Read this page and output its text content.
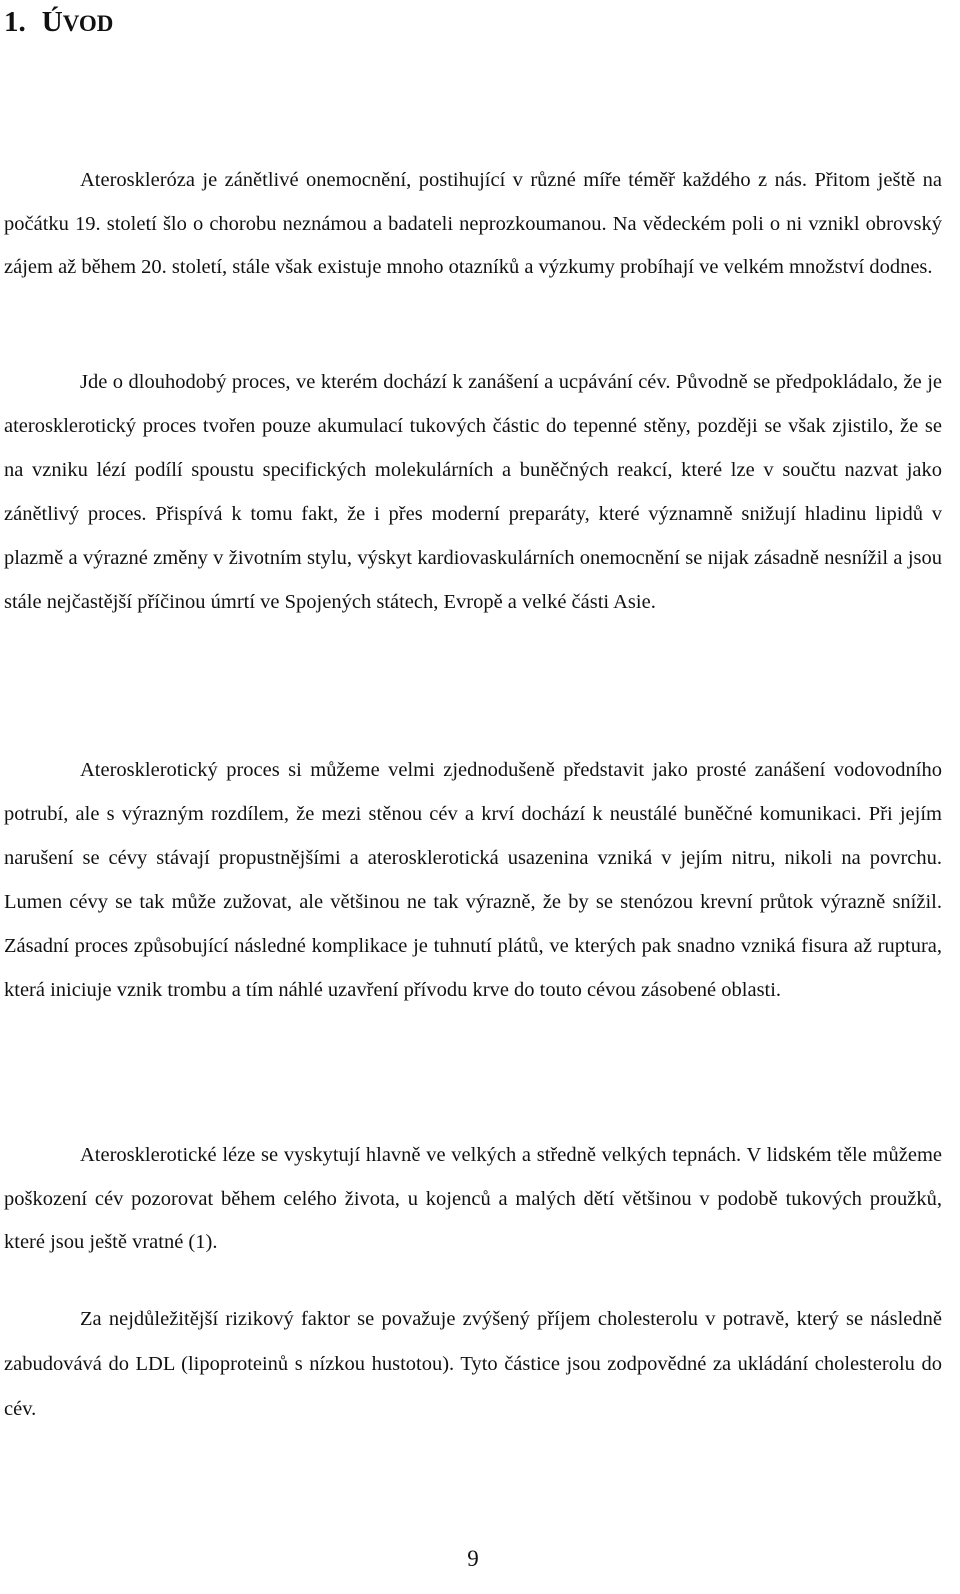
1. ÚVOD

Ateroskleróza je zánětlivé onemocnění, postihující v různé míře téměř každého z nás. Přitom ještě na počátku 19. století šlo o chorobu neznámou a badateli neprozkoumanou. Na vědeckém poli o ni vznikl obrovský zájem až během 20. století, stále však existuje mnoho otazníků a výzkumy probíhají ve velkém množství dodnes.

Jde o dlouhodobý proces, ve kterém dochází k zanášení a ucpávání cév. Původně se předpokládalo, že je aterosklerotický proces tvořen pouze akumulací tukových částic do tepenné stěny, později se však zjistilo, že se na vzniku lézí podílí spoustu specifických molekulárních a buněčných reakcí, které lze v součtu nazvat jako zánětlivý proces. Přispívá k tomu fakt, že i přes moderní preparáty, které významně snižují hladinu lipidů v plazmě a výrazné změny v životním stylu, výskyt kardiovaskulárních onemocnění se nijak zásadně nesnížil a jsou stále nejčastější příčinou úmrtí ve Spojených státech, Evropě a velké části Asie.

Aterosklerotický proces si můžeme velmi zjednodušeně představit jako prosté zanášení vodovodního potrubí, ale s výrazným rozdílem, že mezi stěnou cév a krví dochází k neustálé buněčné komunikaci. Při jejím narušení se cévy stávají propustnějšími a aterosklerotická usazenina vzniká v jejím nitru, nikoli na povrchu. Lumen cévy se tak může zužovat, ale většinou ne tak výrazně, že by se stenózou krevní průtok výrazně snížil. Zásadní proces způsobující následné komplikace je tuhnutí plátů, ve kterých pak snadno vzniká fisura až ruptura, která iniciuje vznik trombu a tím náhlé uzavření přívodu krve do touto cévou zásobené oblasti.

Aterosklerotické léze se vyskytují hlavně ve velkých a středně velkých tepnách. V lidském těle můžeme poškození cév pozorovat během celého života, u kojenců a malých dětí většinou v podobě tukových proužků, které jsou ještě vratné (1).

Za nejdůležitější rizikový faktor se považuje zvýšený příjem cholesterolu v potravě, který se následně zabudovává do LDL (lipoproteinů s nízkou hustotou). Tyto částice jsou zodpovědné za ukládání cholesterolu do cév.

9
